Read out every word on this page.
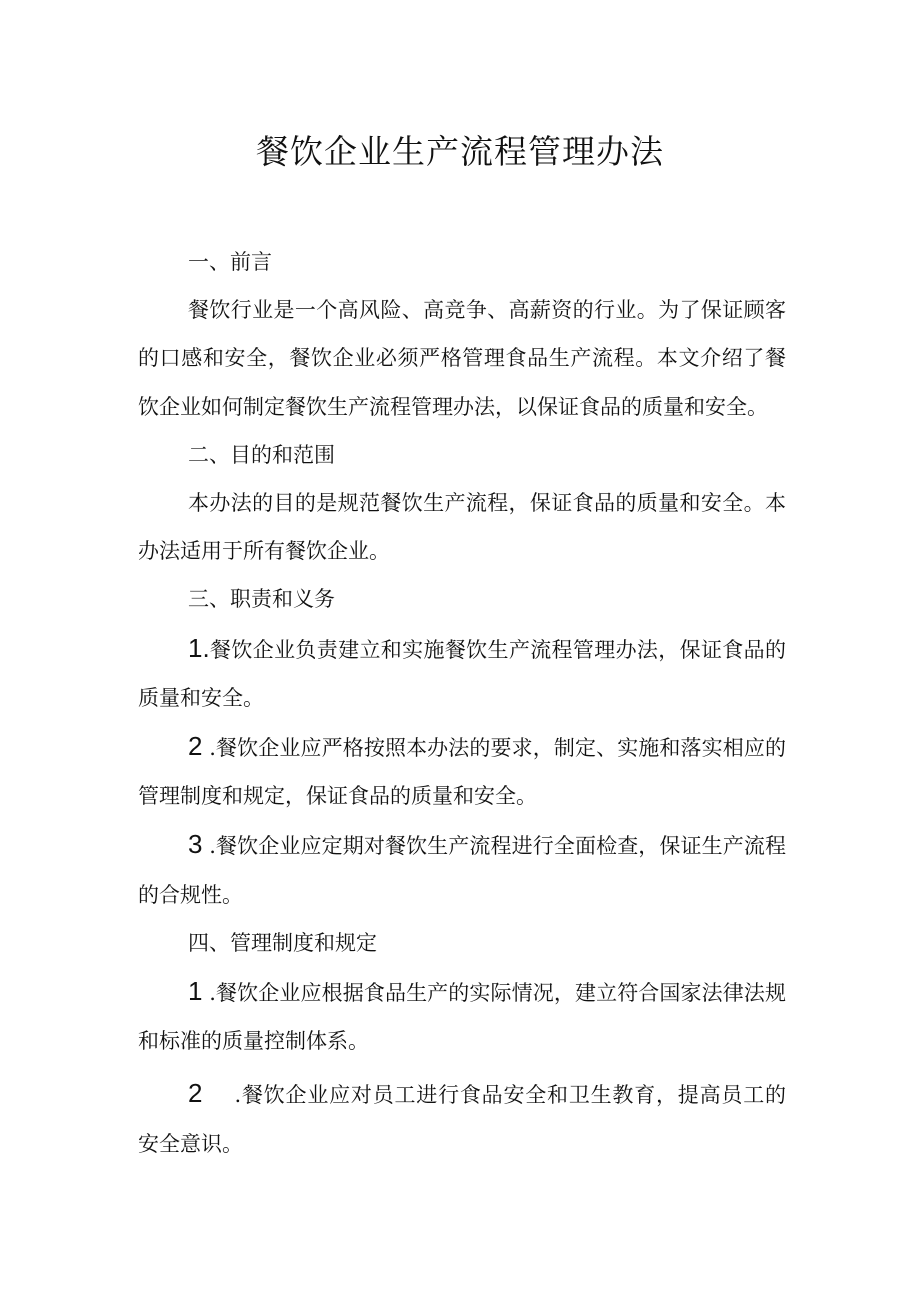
餐饮企业生产流程管理办法

一、前言

餐饮行业是一个高风险、高竞争、高薪资的行业。为了保证顾客的口感和安全，餐饮企业必须严格管理食品生产流程。本文介绍了餐饮企业如何制定餐饮生产流程管理办法，以保证食品的质量和安全。

二、目的和范围

本办法的目的是规范餐饮生产流程，保证食品的质量和安全。本办法适用于所有餐饮企业。

三、职责和义务

1.餐饮企业负责建立和实施餐饮生产流程管理办法，保证食品的质量和安全。

2 .餐饮企业应严格按照本办法的要求，制定、实施和落实相应的管理制度和规定，保证食品的质量和安全。

3 .餐饮企业应定期对餐饮生产流程进行全面检查，保证生产流程的合规性。

四、管理制度和规定

1 .餐饮企业应根据食品生产的实际情况，建立符合国家法律法规和标准的质量控制体系。

2 .餐饮企业应对员工进行食品安全和卫生教育，提高员工的安全意识。
